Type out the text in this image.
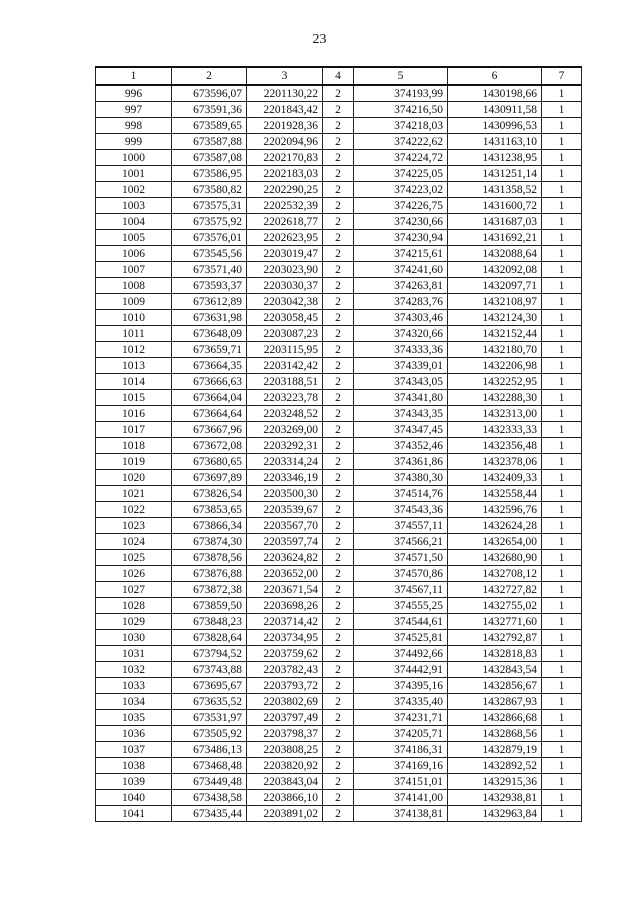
23
1	2	3	4	5	6	7
996	673596,07	2201130,22	2	374193,99	1430198,66	1
997	673591,36	2201843,42	2	374216,50	1430911,58	1
998	673589,65	2201928,36	2	374218,03	1430996,53	1
999	673587,88	2202094,96	2	374222,62	1431163,10	1
1000	673587,08	2202170,83	2	374224,72	1431238,95	1
1001	673586,95	2202183,03	2	374225,05	1431251,14	1
1002	673580,82	2202290,25	2	374223,02	1431358,52	1
1003	673575,31	2202532,39	2	374226,75	1431600,72	1
1004	673575,92	2202618,77	2	374230,66	1431687,03	1
1005	673576,01	2202623,95	2	374230,94	1431692,21	1
1006	673545,56	2203019,47	2	374215,61	1432088,64	1
1007	673571,40	2203023,90	2	374241,60	1432092,08	1
1008	673593,37	2203030,37	2	374263,81	1432097,71	1
1009	673612,89	2203042,38	2	374283,76	1432108,97	1
1010	673631,98	2203058,45	2	374303,46	1432124,30	1
1011	673648,09	2203087,23	2	374320,66	1432152,44	1
1012	673659,71	2203115,95	2	374333,36	1432180,70	1
1013	673664,35	2203142,42	2	374339,01	1432206,98	1
1014	673666,63	2203188,51	2	374343,05	1432252,95	1
1015	673664,04	2203223,78	2	374341,80	1432288,30	1
1016	673664,64	2203248,52	2	374343,35	1432313,00	1
1017	673667,96	2203269,00	2	374347,45	1432333,33	1
1018	673672,08	2203292,31	2	374352,46	1432356,48	1
1019	673680,65	2203314,24	2	374361,86	1432378,06	1
1020	673697,89	2203346,19	2	374380,30	1432409,33	1
1021	673826,54	2203500,30	2	374514,76	1432558,44	1
1022	673853,65	2203539,67	2	374543,36	1432596,76	1
1023	673866,34	2203567,70	2	374557,11	1432624,28	1
1024	673874,30	2203597,74	2	374566,21	1432654,00	1
1025	673878,56	2203624,82	2	374571,50	1432680,90	1
1026	673876,88	2203652,00	2	374570,86	1432708,12	1
1027	673872,38	2203671,54	2	374567,11	1432727,82	1
1028	673859,50	2203698,26	2	374555,25	1432755,02	1
1029	673848,23	2203714,42	2	374544,61	1432771,60	1
1030	673828,64	2203734,95	2	374525,81	1432792,87	1
1031	673794,52	2203759,62	2	374492,66	1432818,83	1
1032	673743,88	2203782,43	2	374442,91	1432843,54	1
1033	673695,67	2203793,72	2	374395,16	1432856,67	1
1034	673635,52	2203802,69	2	374335,40	1432867,93	1
1035	673531,97	2203797,49	2	374231,71	1432866,68	1
1036	673505,92	2203798,37	2	374205,71	1432868,56	1
1037	673486,13	2203808,25	2	374186,31	1432879,19	1
1038	673468,48	2203820,92	2	374169,16	1432892,52	1
1039	673449,48	2203843,04	2	374151,01	1432915,36	1
1040	673438,58	2203866,10	2	374141,00	1432938,81	1
1041	673435,44	2203891,02	2	374138,81	1432963,84	1
